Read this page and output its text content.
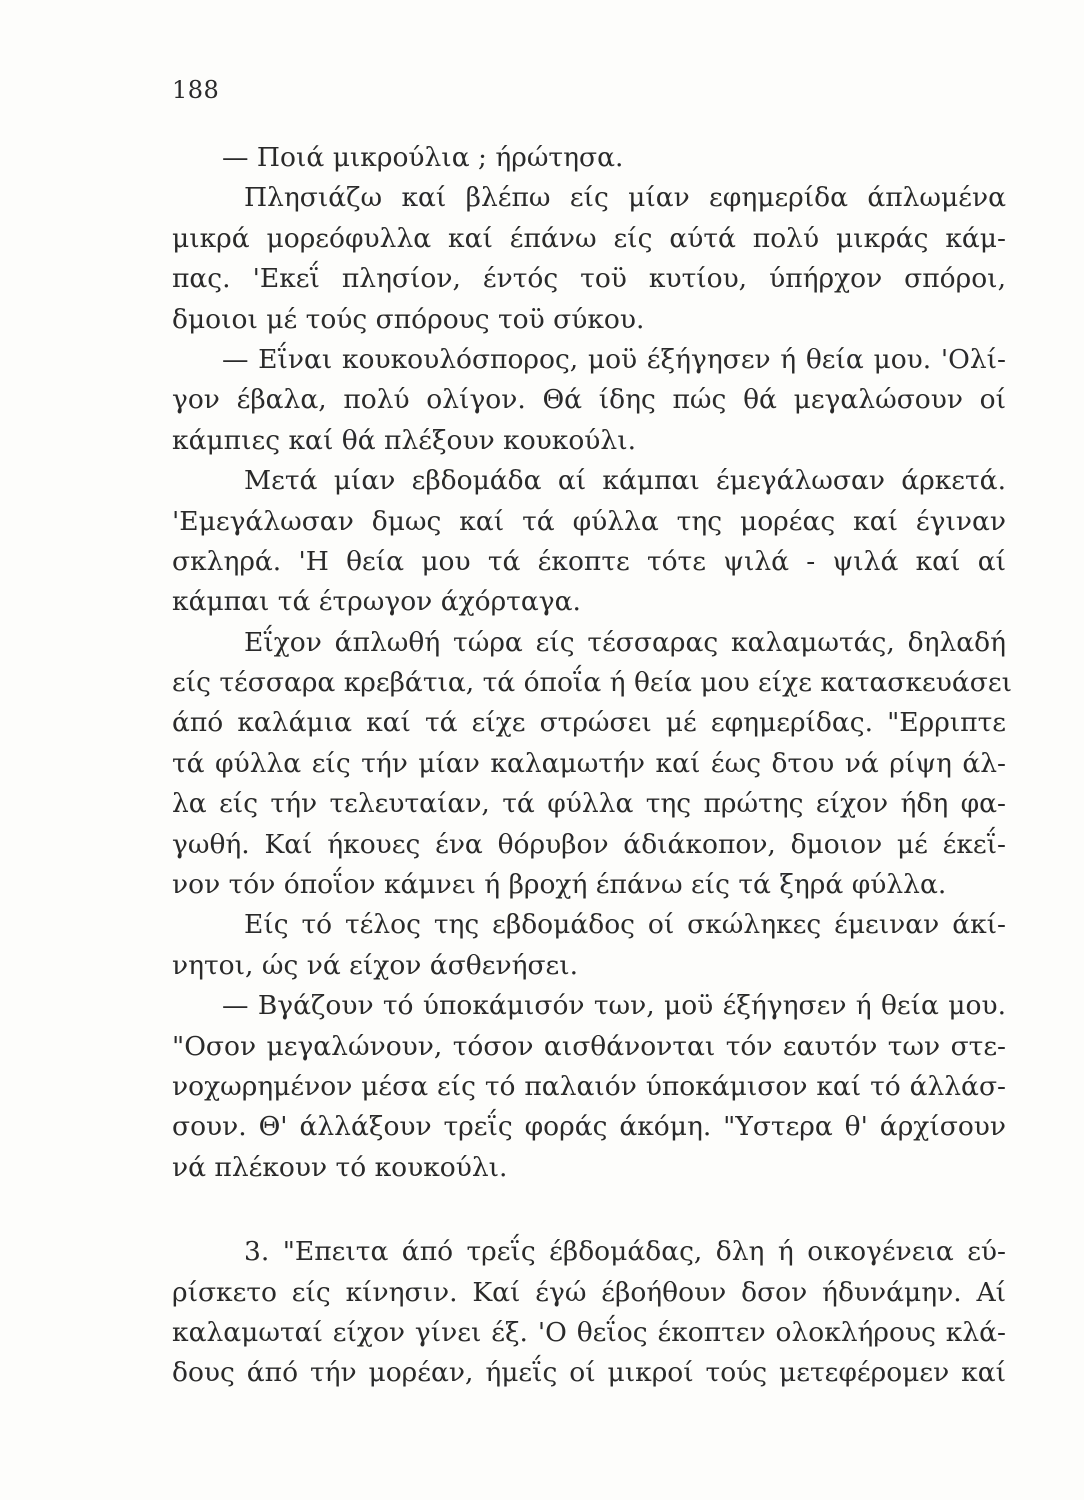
188
— Ποιά μικρούλια ; ήρώτησα.
Πλησιάζω καί βλέπω είς μίαν εφημερίδα άπλωμένα
μικρά μορεόφυλλα καί έπάνω είς αύτά πολύ μικράς κάμ-
πας. 'Εκεΐ πλησίον, έντός τοϋ κυτίου, ύπήρχον σπόροι,
δμοιοι μέ τούς σπόρους τοϋ σύκου.
— Εΐναι κουκουλόσπορος, μοϋ έξήγησεν ή θεία μου. 'Ολί-
γον έβαλα, πολύ ολίγον. Θά ίδης πώς θά μεγαλώσουν οί
κάμπιες καί θά πλέξουν κουκούλι.
Μετά μίαν εβδομάδα αί κάμπαι έμεγάλωσαν άρκετά.
'Εμεγάλωσαν δμως καί τά φύλλα της μορέας καί έγιναν
σκληρά. 'Η θεία μου τά έκοπτε τότε ψιλά - ψιλά καί αί
κάμπαι τά έτρωγον άχόρταγα.
Εΐχον άπλωθή τώρα είς τέσσαρας καλαμωτάς, δηλαδή
είς τέσσαρα κρεβάτια, τά όποΐα ή θεία μου είχε κατασκευάσει
άπό καλάμια καί τά είχε στρώσει μέ εφημερίδας. "Ερριπτε
τά φύλλα είς τήν μίαν καλαμωτήν καί έως δτου νά ρίψη άλ-
λα είς τήν τελευταίαν, τά φύλλα της πρώτης είχον ήδη φα-
γωθή. Καί ήκουες ένα θόρυβον άδιάκοπον, δμοιον μέ έκεΐ-
νον τόν όποΐον κάμνει ή βροχή έπάνω είς τά ξηρά φύλλα.
Είς τό τέλος της εβδομάδος οί σκώληκες έμειναν άκί-
νητοι, ώς νά είχον άσθενήσει.
— Βγάζουν τό ύποκάμισόν των, μοϋ έξήγησεν ή θεία μου.
"Οσον μεγαλώνουν, τόσον αισθάνονται τόν εαυτόν των στε-
νοχωρημένον μέσα είς τό παλαιόν ύποκάμισον καί τό άλλάσ-
σουν. Θ' άλλάξουν τρεΐς φοράς άκόμη. "Υστερα θ' άρχίσουν
νά πλέκουν τό κουκούλι.
3. "Επειτα άπό τρεΐς έβδομάδας, δλη ή οικογένεια εύ-
ρίσκετο είς κίνησιν. Καί έγώ έβοήθουν δσον ήδυνάμην. Αί
καλαμωταί είχον γίνει έξ. 'Ο θεΐος έκοπτεν ολοκλήρους κλά-
δους άπό τήν μορέαν, ήμεΐς οί μικροί τούς μετεφέρομεν καί
